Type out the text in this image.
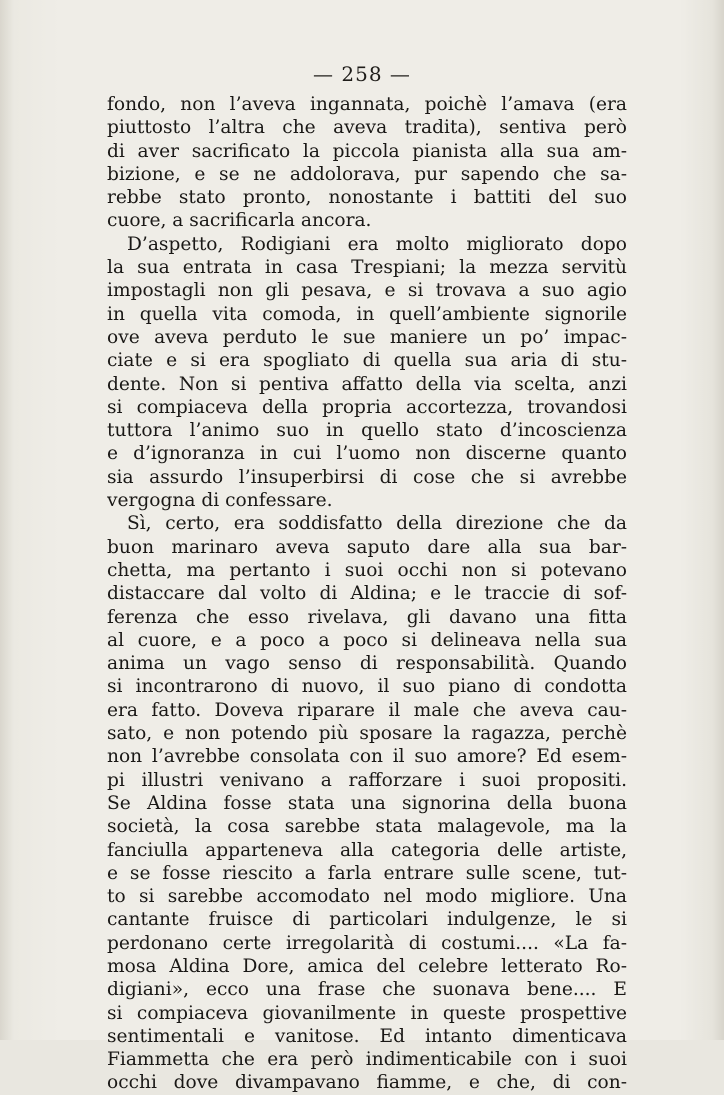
— 258 —
fondo, non l’aveva ingannata, poichè l’amava (era
piuttosto l’altra che aveva tradita), sentiva però
di aver sacrificato la piccola pianista alla sua am-
bizione, e se ne addolorava, pur sapendo che sa-
rebbe stato pronto, nonostante i battiti del suo
cuore, a sacrificarla ancora.
D’aspetto, Rodigiani era molto migliorato dopo
la sua entrata in casa Trespiani; la mezza servitù
impostagli non gli pesava, e si trovava a suo agio
in quella vita comoda, in quell’ambiente signorile
ove aveva perduto le sue maniere un po’ impac-
ciate e si era spogliato di quella sua aria di stu-
dente. Non si pentiva affatto della via scelta, anzi
si compiaceva della propria accortezza, trovandosi
tuttora l’animo suo in quello stato d’incoscienza
e d’ignoranza in cui l’uomo non discerne quanto
sia assurdo l’insuperbirsi di cose che si avrebbe
vergogna di confessare.
Sì, certo, era soddisfatto della direzione che da
buon marinaro aveva saputo dare alla sua bar-
chetta, ma pertanto i suoi occhi non si potevano
distaccare dal volto di Aldina; e le traccie di sof-
ferenza che esso rivelava, gli davano una fitta
al cuore, e a poco a poco si delineava nella sua
anima un vago senso di responsabilità. Quando
si incontrarono di nuovo, il suo piano di condotta
era fatto. Doveva riparare il male che aveva cau-
sato, e non potendo più sposare la ragazza, perchè
non l’avrebbe consolata con il suo amore? Ed esem-
pi illustri venivano a rafforzare i suoi propositi.
Se Aldina fosse stata una signorina della buona
società, la cosa sarebbe stata malagevole, ma la
fanciulla apparteneva alla categoria delle artiste,
e se fosse riescito a farla entrare sulle scene, tut-
to si sarebbe accomodato nel modo migliore. Una
cantante fruisce di particolari indulgenze, le si
perdonano certe irregolarità di costumi.... «La fa-
mosa Aldina Dore, amica del celebre letterato Ro-
digiani», ecco una frase che suonava bene.... E
si compiaceva giovanilmente in queste prospettive
sentimentali e vanitose. Ed intanto dimenticava
Fiammetta che era però indimenticabile con i suoi
occhi dove divampavano fiamme, e che, di con-
